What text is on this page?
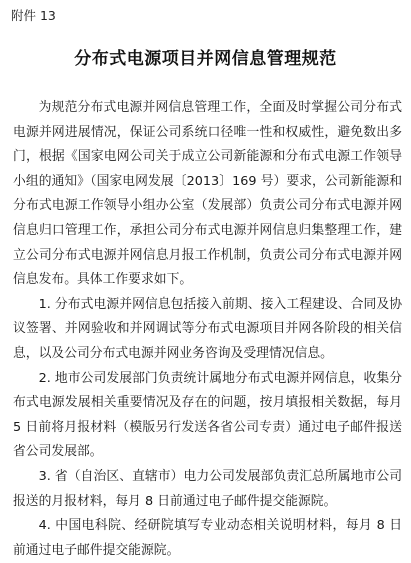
附件 13
分布式电源项目并网信息管理规范

为规范分布式电源并网信息管理工作，全面及时掌握公司分布式电源并网进展情况，保证公司系统口径唯一性和权威性，避免数出多门，根据《国家电网公司关于成立公司新能源和分布式电源工作领导小组的通知》（国家电网发展〔2013〕169 号）要求，公司新能源和分布式电源工作领导小组办公室（发展部）负责公司分布式电源并网信息归口管理工作，承担公司分布式电源并网信息归集整理工作，建立公司分布式电源并网信息月报工作机制，负责公司分布式电源并网信息发布。具体工作要求如下。

1. 分布式电源并网信息包括接入前期、接入工程建设、合同及协议签署、并网验收和并网调试等分布式电源项目并网各阶段的相关信息，以及公司分布式电源并网业务咨询及受理情况信息。

2. 地市公司发展部门负责统计属地分布式电源并网信息，收集分布式电源发展相关重要情况及存在的问题，按月填报相关数据，每月 5 日前将月报材料（模版另行发送各省公司专责）通过电子邮件报送省公司发展部。

3. 省（自治区、直辖市）电力公司发展部负责汇总所属地市公司报送的月报材料，每月 8 日前通过电子邮件提交能源院。

4. 中国电科院、经研院填写专业动态相关说明材料，每月 8 日前通过电子邮件提交能源院。
